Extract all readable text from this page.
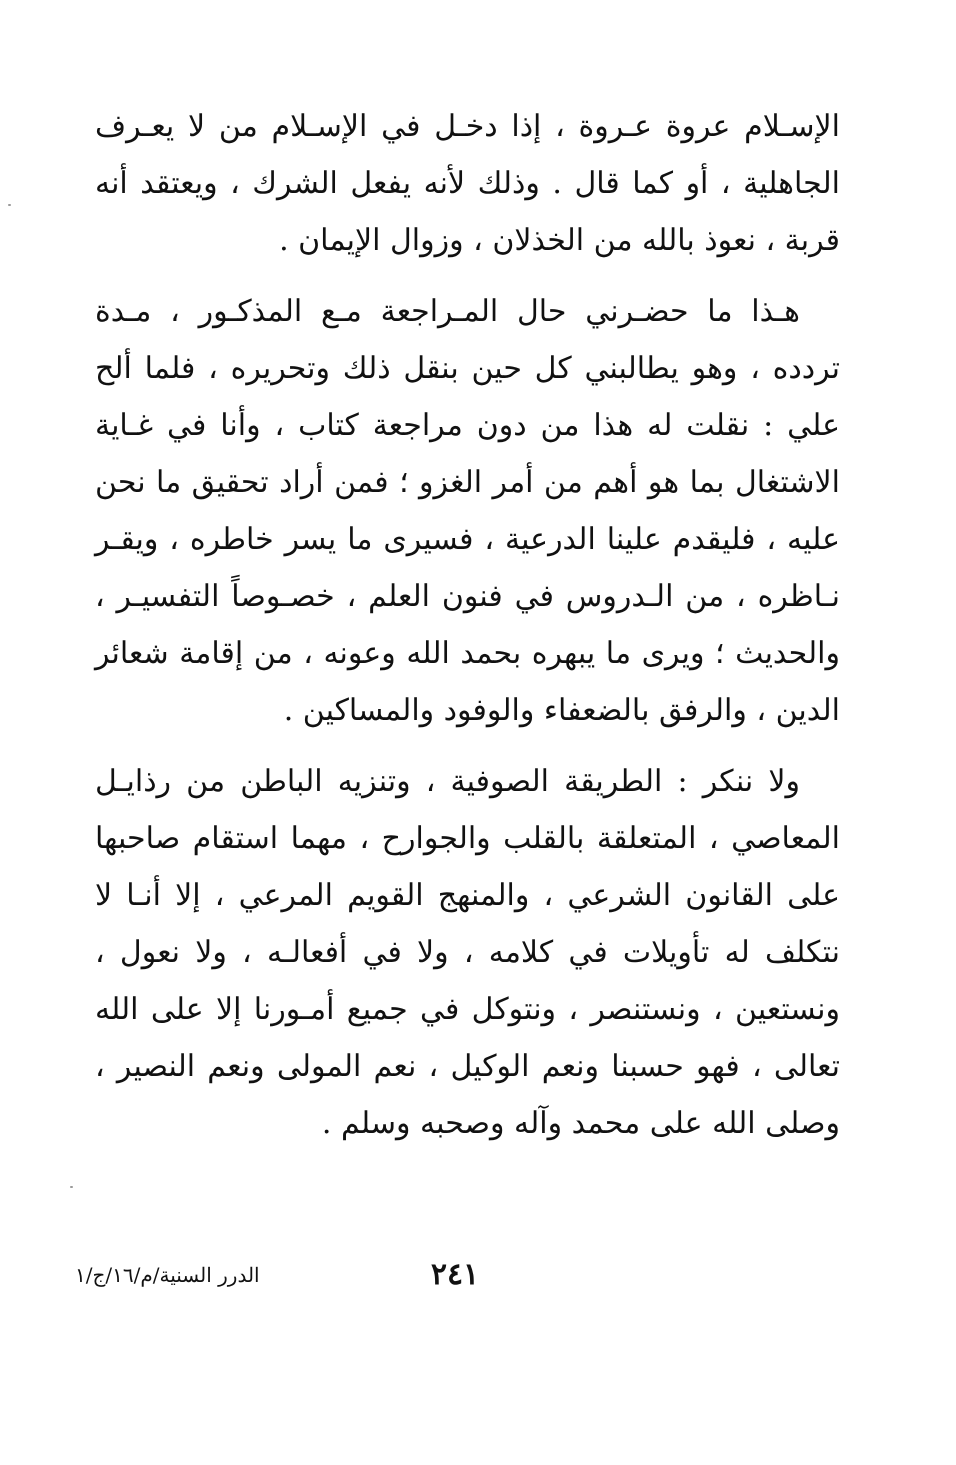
الإسـلام عروة عـروة ، إذا دخـل في الإسـلام من لا يعـرف
الجاهلية ، أو كما قال . وذلك لأنه يفعل الشرك ، ويعتقد أنه
قربة ، نعوذ بالله من الخذلان ، وزوال الإيمان .
هـذا ما حضـرني حال المـراجعة مـع المذكـور ، مـدة
تردده ، وهو يطالبني كل حين بنقل ذلك وتحريره ، فلما ألح
علي : نقلت له هذا من دون مراجعة كتاب ، وأنا في غـاية
الاشتغال بما هو أهم من أمر الغزو ؛ فمن أراد تحقيق ما نحن
عليه ، فليقدم علينا الدرعية ، فسيرى ما يسر خاطره ، ويقـر
نـاظره ، من الـدروس في فنون العلم ، خصـوصاً التفسيـر ،
والحديث ؛ ويرى ما يبهره بحمد الله وعونه ، من إقامة شعائر
الدين ، والرفق بالضعفاء والوفود والمساكين .
ولا ننكر : الطريقة الصوفية ، وتنزيه الباطن من رذايـل
المعاصي ، المتعلقة بالقلب والجوارح ، مهما استقام صاحبها
على القانون الشرعي ، والمنهج القويم المرعي ، إلا أنـا لا
نتكلف له تأويلات في كلامه ، ولا في أفعالـه ، ولا نعول ،
ونستعين ، ونستنصر ، ونتوكل في جميع أمـورنا إلا على الله
تعالى ، فهو حسبنا ونعم الوكيل ، نعم المولى ونعم النصير ،
وصلى الله على محمد وآله وصحبه وسلم .
٢٤١
الدرر السنية/م/١٦/ج/١
